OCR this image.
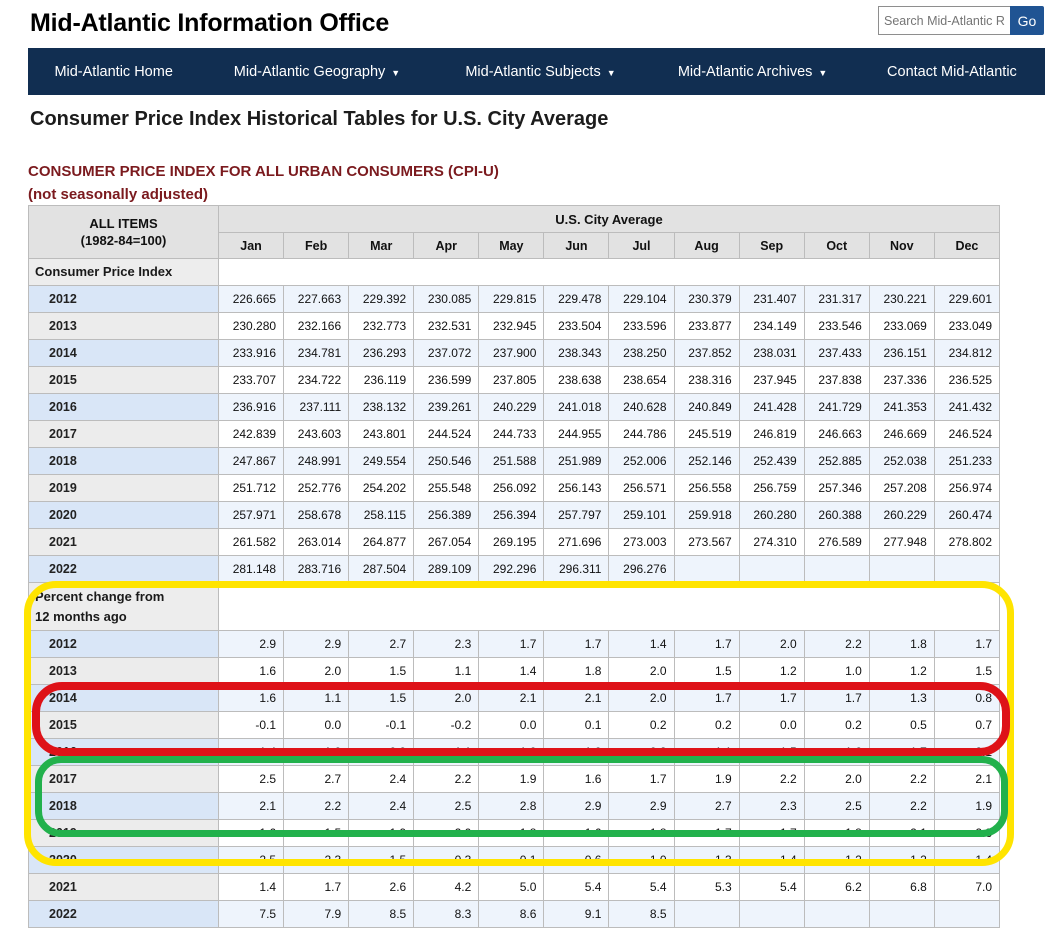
Mid-Atlantic Information Office
Search Mid-Atlantic Region	Go
Mid-Atlantic Home	Mid-Atlantic Geography ▼	Mid-Atlantic Subjects ▼	Mid-Atlantic Archives ▼	Contact Mid-Atlantic
Consumer Price Index Historical Tables for U.S. City Average
CONSUMER PRICE INDEX FOR ALL URBAN CONSUMERS (CPI-U)
(not seasonally adjusted)
ALL ITEMS
(1982-84=100)	U.S. City Average											
	Jan	Feb	Mar	Apr	May	Jun	Jul	Aug	Sep	Oct	Nov	Dec

Consumer Price Index												

2012	226.665	227.663	229.392	230.085	229.815	229.478	229.104	230.379	231.407	231.317	230.221	229.601
2013	230.280	232.166	232.773	232.531	232.945	233.504	233.596	233.877	234.149	233.546	233.069	233.049
2014	233.916	234.781	236.293	237.072	237.900	238.343	238.250	237.852	238.031	237.433	236.151	234.812
2015	233.707	234.722	236.119	236.599	237.805	238.638	238.654	238.316	237.945	237.838	237.336	236.525
2016	236.916	237.111	238.132	239.261	240.229	241.018	240.628	240.849	241.428	241.729	241.353	241.432
2017	242.839	243.603	243.801	244.524	244.733	244.955	244.786	245.519	246.819	246.663	246.669	246.524
2018	247.867	248.991	249.554	250.546	251.588	251.989	252.006	252.146	252.439	252.885	252.038	251.233
2019	251.712	252.776	254.202	255.548	256.092	256.143	256.571	256.558	256.759	257.346	257.208	256.974
2020	257.971	258.678	258.115	256.389	256.394	257.797	259.101	259.918	260.280	260.388	260.229	260.474
2021	261.582	263.014	264.877	267.054	269.195	271.696	273.003	273.567	274.310	276.589	277.948	278.802
2022	281.148	283.716	287.504	289.109	292.296	296.311	296.276					

Percent change from
12 months ago												

2012	2.9	2.9	2.7	2.3	1.7	1.7	1.4	1.7	2.0	2.2	1.8	1.7
2013	1.6	2.0	1.5	1.1	1.4	1.8	2.0	1.5	1.2	1.0	1.2	1.5
2014	1.6	1.1	1.5	2.0	2.1	2.1	2.0	1.7	1.7	1.7	1.3	0.8
2015	-0.1	0.0	-0.1	-0.2	0.0	0.1	0.2	0.2	0.0	0.2	0.5	0.7
2016	1.4	1.0	0.9	1.1	1.0	1.0	0.8	1.1	1.5	1.6	1.7	2.1
2017	2.5	2.7	2.4	2.2	1.9	1.6	1.7	1.9	2.2	2.0	2.2	2.1
2018	2.1	2.2	2.4	2.5	2.8	2.9	2.9	2.7	2.3	2.5	2.2	1.9
2019	1.6	1.5	1.9	2.0	1.8	1.6	1.8	1.7	1.7	1.8	2.1	2.3
2020	2.5	2.3	1.5	0.3	0.1	0.6	1.0	1.3	1.4	1.2	1.2	1.4
2021	1.4	1.7	2.6	4.2	5.0	5.4	5.4	5.3	5.4	6.2	6.8	7.0
2022	7.5	7.9	8.5	8.3	8.6	9.1	8.5					
